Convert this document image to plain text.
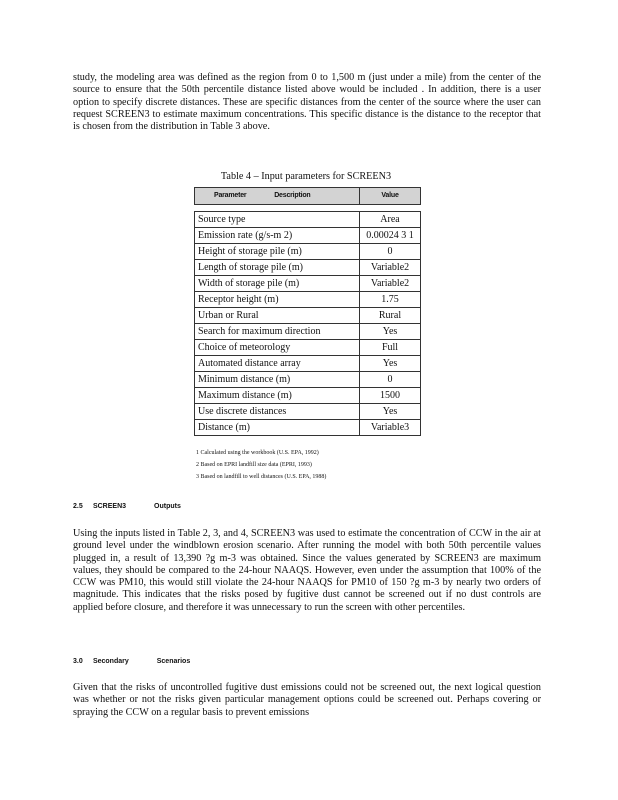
study, the modeling area was defined as the region from 0 to 1,500 m (just under a mile) from the center of the source to ensure that the 50th percentile distance listed above would be included . In addition, there is a user option to specify discrete distances. These are specific distances from the center of the source where the user can request SCREEN3 to estimate maximum concentrations. This specific distance is the distance to the receptor that is chosen from the distribution in Table 3 above.

Table 4 – Input parameters for SCREEN3
Parameter Description	Value

Source type	Area
Emission rate (g/s-m 2)	0.00024 3 1
Height of storage pile (m)	0
Length of storage pile (m)	Variable2
Width of storage pile (m)	Variable2
Receptor height (m)	1.75
Urban or Rural	Rural
Search for maximum direction	Yes
Choice of meteorology	Full
Automated distance array	Yes
Minimum distance (m)	0
Maximum distance (m)	1500
Use discrete distances	Yes
Distance (m)	Variable3
1 Calculated using the workbook (U.S. EPA, 1992)
2 Based on EPRI landfill size data (EPRI, 1993)
3 Based on landfill to well distances (U.S. EPA, 1988)
2.5 SCREEN3	Outputs

Using the inputs listed in Table 2, 3, and 4, SCREEN3 was used to estimate the concentration of CCW in the air at ground level under the windblown erosion scenario. After running the model with both 50th percentile values plugged in, a result of 13,390 ?g m-3 was obtained. Since the values generated by SCREEN3 are maximum values, they should be compared to the 24-hour NAAQS. However, even under the assumption that 100% of the CCW was PM10, this would still violate the 24-hour NAAQS for PM10 of 150 ?g m-3 by nearly two orders of magnitude. This indicates that the risks posed by fugitive dust cannot be screened out if no dust controls are applied before closure, and therefore it was unnecessary to run the screen with other percentiles.

3.0 Secondary	Scenarios

Given that the risks of uncontrolled fugitive dust emissions could not be screened out, the next logical question was whether or not the risks given particular management options could be screened out. Perhaps covering or spraying the CCW on a regular basis to prevent emissions
